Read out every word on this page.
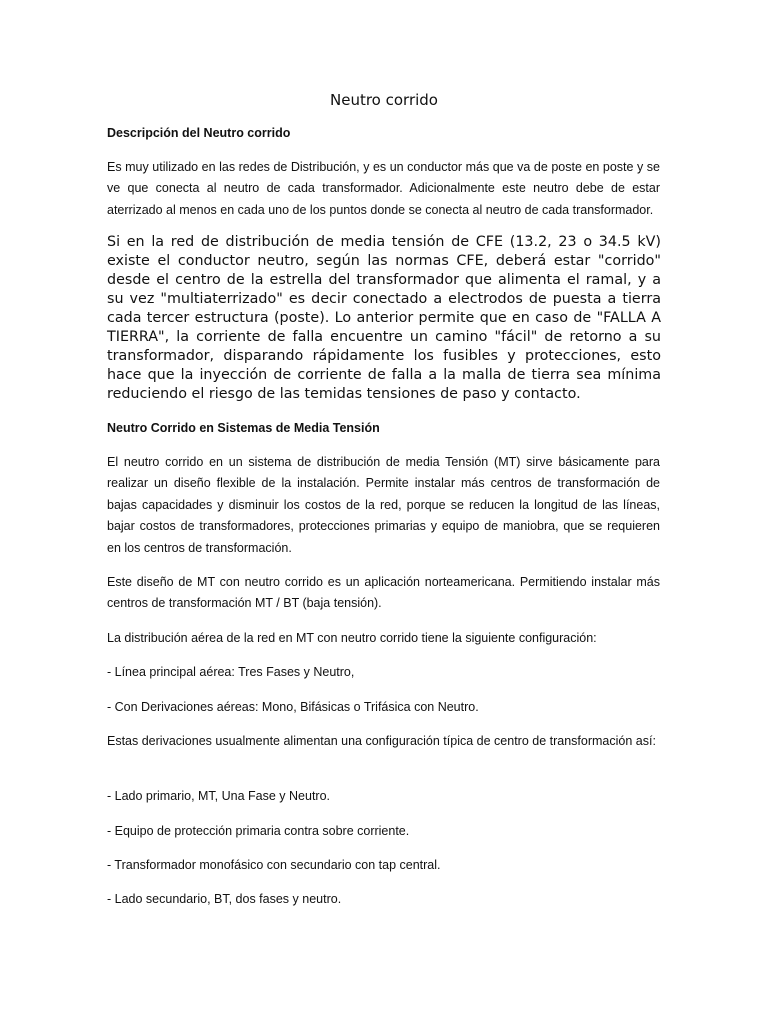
Neutro corrido
Descripción del Neutro corrido

Es muy utilizado en las redes de Distribución, y es un conductor más que va de poste en poste y se ve que conecta al neutro de cada transformador. Adicionalmente este neutro debe de estar aterrizado al menos en cada uno de los puntos donde se conecta al neutro de cada transformador.

Si en la red de distribución de media tensión de CFE (13.2, 23 o 34.5 kV) existe el conductor neutro, según las normas CFE, deberá estar "corrido" desde el centro de la estrella del transformador que alimenta el ramal, y a su vez "multiaterrizado" es decir conectado a electrodos de puesta a tierra cada tercer estructura (poste). Lo anterior permite que en caso de "FALLA A TIERRA", la corriente de falla encuentre un camino "fácil" de retorno a su transformador, disparando rápidamente los fusibles y protecciones, esto hace que la inyección de corriente de falla a la malla de tierra sea mínima reduciendo el riesgo de las temidas tensiones de paso y contacto.

Neutro Corrido en Sistemas de Media Tensión

El neutro corrido en un sistema de distribución de media Tensión (MT) sirve básicamente para realizar un diseño flexible de la instalación. Permite instalar más centros de transformación de bajas capacidades y disminuir los costos de la red, porque se reducen la longitud de las líneas, bajar costos de transformadores, protecciones primarias y equipo de maniobra, que se requieren en los centros de transformación.

Este diseño de MT con neutro corrido es un aplicación norteamericana. Permitiendo instalar más centros de transformación MT / BT (baja tensión).

La distribución aérea de la red en MT con neutro corrido tiene la siguiente configuración:

- Línea principal aérea: Tres Fases y Neutro,

- Con Derivaciones aéreas: Mono, Bifásicas o Trifásica con Neutro.

Estas derivaciones usualmente alimentan una configuración típica de centro de transformación así:

- Lado primario, MT, Una Fase y Neutro.

- Equipo de protección primaria contra sobre corriente.

- Transformador monofásico con secundario con tap central.

- Lado secundario, BT, dos fases y neutro.
